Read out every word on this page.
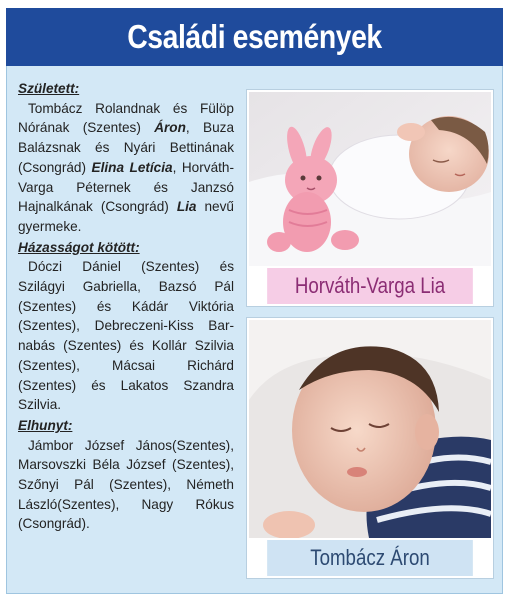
Családi események
Született:

Tombácz Rolandnak és Fülöp Nórának (Szentes) Áron, Buza Balázsnak és Nyári Bettinának (Csongrád) Elina Letícia, Horváth-Varga Péternek és Janzsó Hajnalkának (Csongrád) Lia nevű gyermeke.

Házasságot kötött:

Dóczi Dániel (Szentes) és Szilágyi Gabriella, Bazsó Pál (Szentes) és Kádár Viktória (Szentes), Debreczeni-Kiss Barnabás (Szentes) és Kollár Szilvia (Szentes), Mácsai Richárd (Szentes) és Lakatos Szandra Szilvia.

Elhunyt:

Jámbor József János(Szentes), Marsovszki Béla József (Szentes), Szőnyi Pál (Szentes), Németh László(Szentes), Nagy Rókus (Csongrád).

Horváth-Varga Lia
Tombácz Áron
